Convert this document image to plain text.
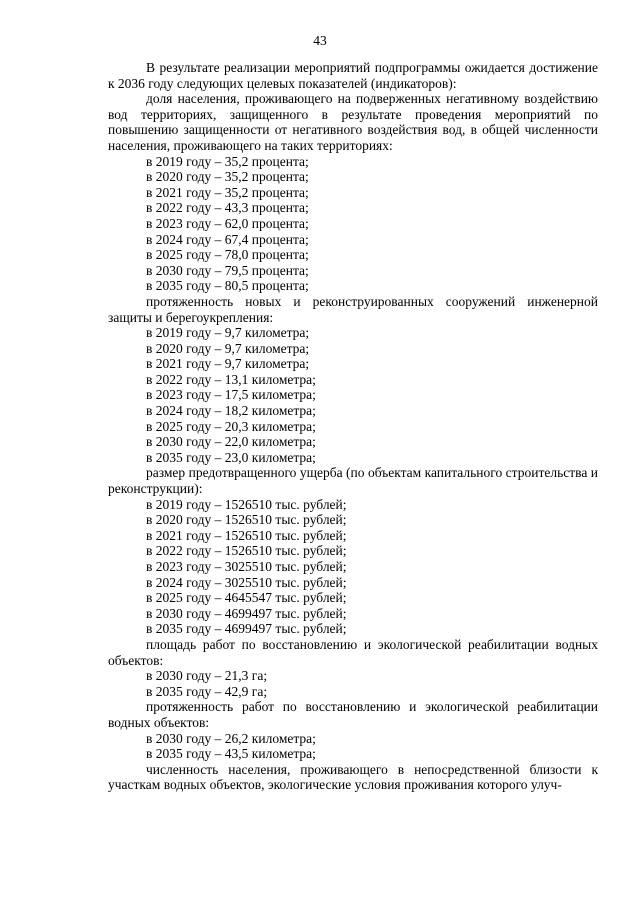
43

В результате реализации мероприятий подпрограммы ожидается достижение к 2036 году следующих целевых показателей (индикаторов):

доля населения, проживающего на подверженных негативному воздействию вод территориях, защищенного в результате проведения мероприятий по повышению защищенности от негативного воздействия вод, в общей численности населения, проживающего на таких территориях:

в 2019 году – 35,2 процента;

в 2020 году – 35,2 процента;

в 2021 году – 35,2 процента;

в 2022 году – 43,3 процента;

в 2023 году – 62,0 процента;

в 2024 году – 67,4 процента;

в 2025 году – 78,0 процента;

в 2030 году – 79,5 процента;

в 2035 году – 80,5 процента;

протяженность новых и реконструированных сооружений инженерной защиты и берегоукрепления:

в 2019 году – 9,7 километра;

в 2020 году – 9,7 километра;

в 2021 году – 9,7 километра;

в 2022 году – 13,1 километра;

в 2023 году – 17,5 километра;

в 2024 году – 18,2 километра;

в 2025 году – 20,3 километра;

в 2030 году – 22,0 километра;

в 2035 году – 23,0 километра;

размер предотвращенного ущерба (по объектам капитального строительства и реконструкции):

в 2019 году – 1526510 тыс. рублей;

в 2020 году – 1526510 тыс. рублей;

в 2021 году – 1526510 тыс. рублей;

в 2022 году – 1526510 тыс. рублей;

в 2023 году – 3025510 тыс. рублей;

в 2024 году – 3025510 тыс. рублей;

в 2025 году – 4645547 тыс. рублей;

в 2030 году – 4699497 тыс. рублей;

в 2035 году – 4699497 тыс. рублей;

площадь работ по восстановлению и экологической реабилитации водных объектов:

в 2030 году – 21,3 га;

в 2035 году – 42,9 га;

протяженность работ по восстановлению и экологической реабилитации водных объектов:

в 2030 году – 26,2 километра;

в 2035 году – 43,5 километра;

численность населения, проживающего в непосредственной близости к участкам водных объектов, экологические условия проживания которого улуч-
